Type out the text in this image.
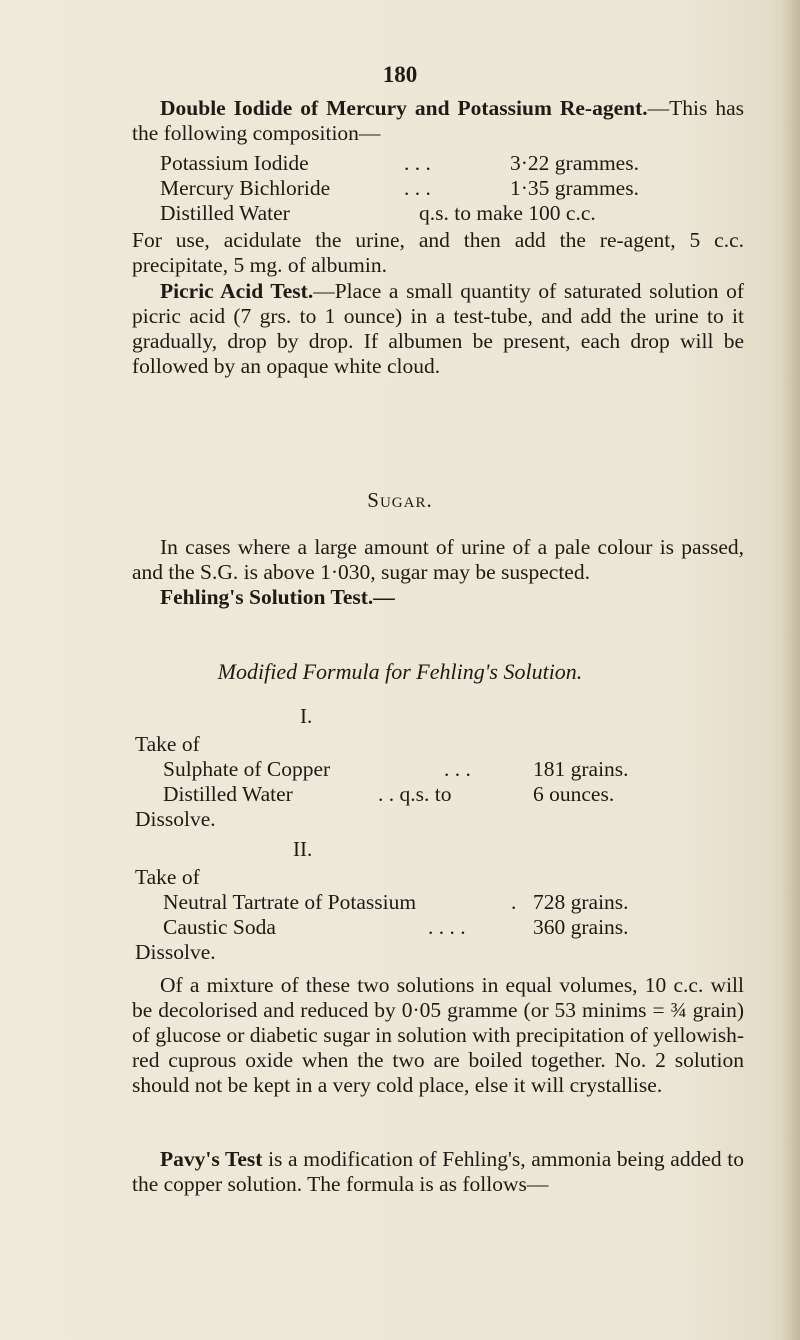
180

Double Iodide of Mercury and Potassium Re-agent.—This has the following composition—

Potassium Iodide	. . .	3·22 grammes.
Mercury Bichloride	. . .	1·35 grammes.
Distilled Water	q.s. to make 100 c.c.

For use, acidulate the urine, and then add the re-agent, 5 c.c. precipitate, 5 mg. of albumin.

Picric Acid Test.—Place a small quantity of saturated solution of picric acid (7 grs. to 1 ounce) in a test-tube, and add the urine to it gradually, drop by drop. If albumen be present, each drop will be followed by an opaque white cloud.

Sugar.

In cases where a large amount of urine of a pale colour is passed, and the S.G. is above 1·030, sugar may be suspected.

Fehling's Solution Test.—

Modified Formula for Fehling's Solution.
I.
Take of
Sulphate of Copper	. . .	181 grains.
Distilled Water	. . q.s. to	6 ounces.
Dissolve.
II.
Take of
Neutral Tartrate of Potassium	. 728 grains.
Caustic Soda	. . . .	360 grains.
Dissolve.

Of a mixture of these two solutions in equal volumes, 10 c.c. will be decolorised and reduced by 0·05 gramme (or 53 minims = ¾ grain) of glucose or diabetic sugar in solution with precipitation of yellowish-red cuprous oxide when the two are boiled together. No. 2 solution should not be kept in a very cold place, else it will crystallise.

Pavy's Test is a modification of Fehling's, ammonia being added to the copper solution. The formula is as follows—
